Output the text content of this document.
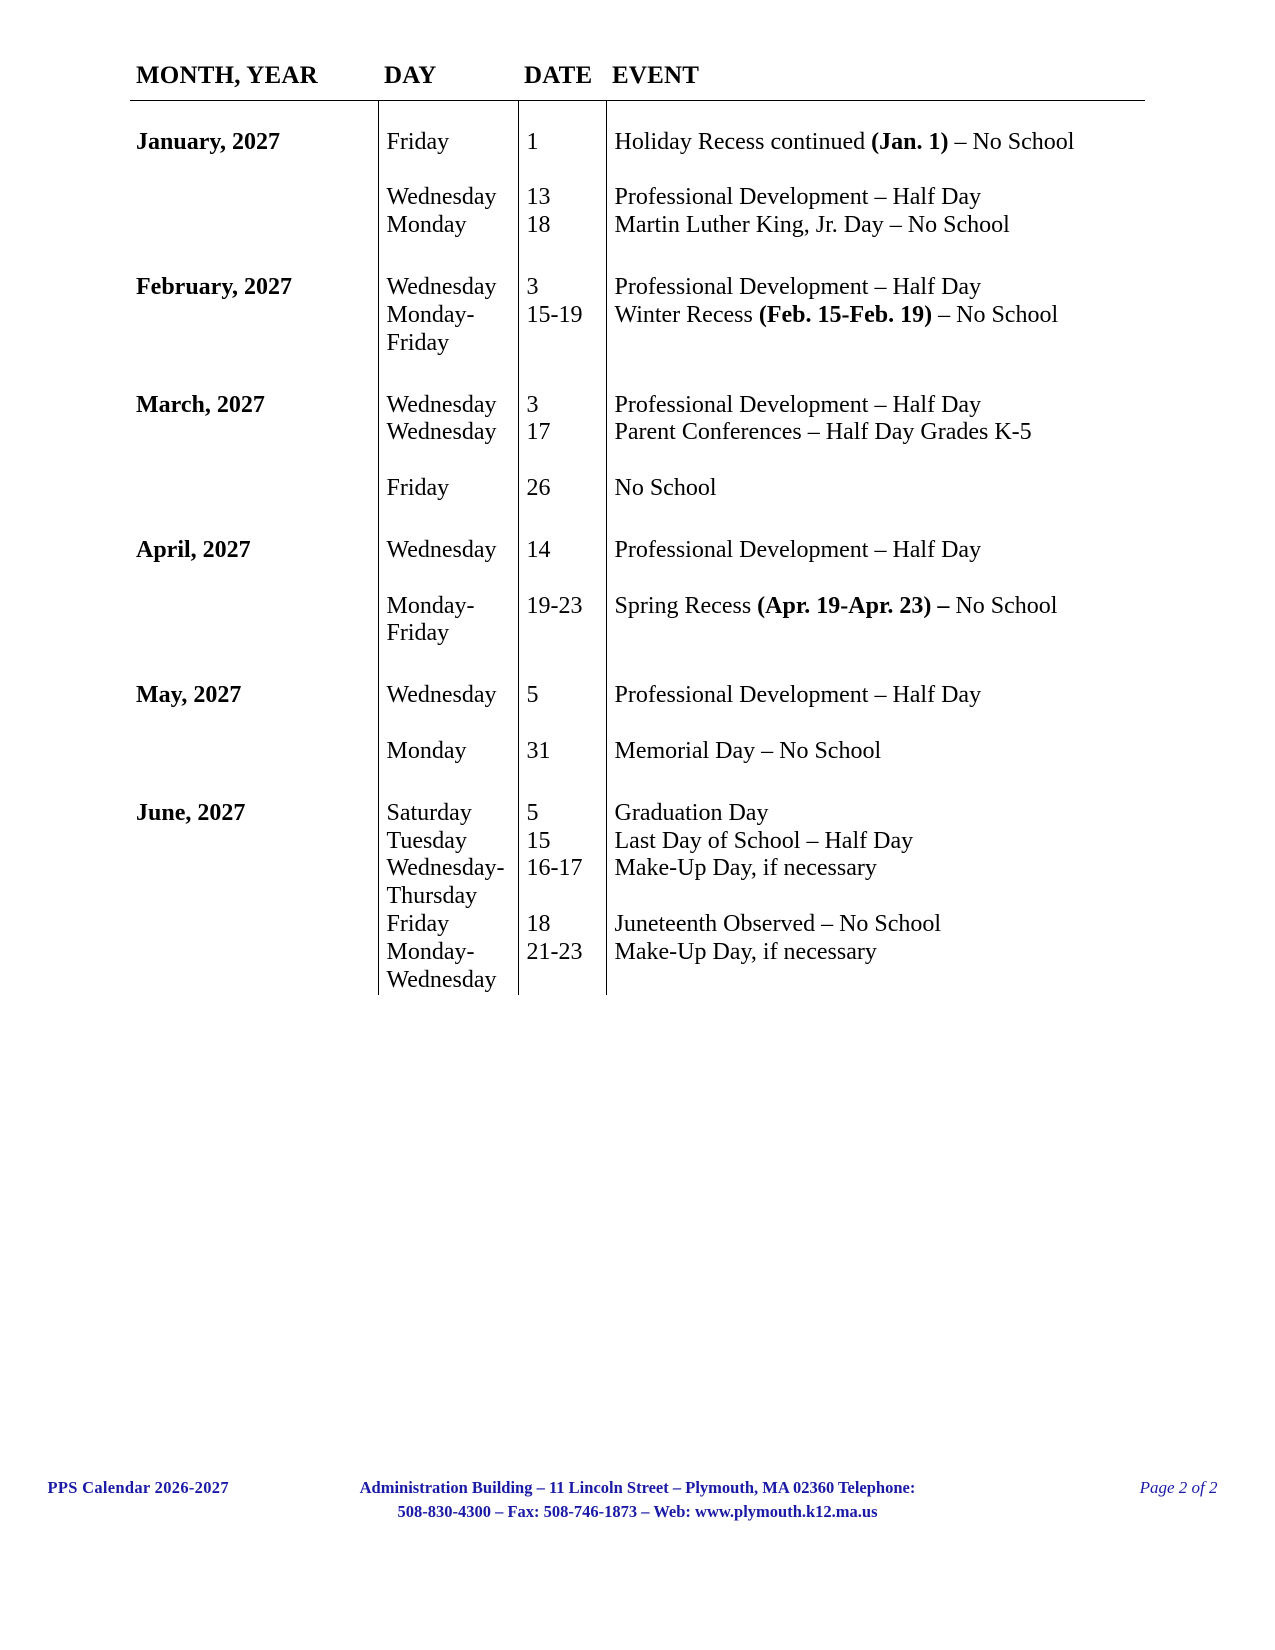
MONTH, YEAR	DAY	DATE	EVENT

January, 2027	Friday	1	Holiday Recess continued (Jan. 1) – No School

	Wednesday	13	Professional Development – Half Day
	Monday	18	Martin Luther King, Jr. Day – No School

February, 2027	Wednesday	3	Professional Development – Half Day
	Monday-Friday	15-19	Winter Recess (Feb. 15-Feb. 19) – No School

March, 2027	Wednesday	3	Professional Development – Half Day
	Wednesday	17	Parent Conferences – Half Day Grades K-5

	Friday	26	No School

April, 2027	Wednesday	14	Professional Development – Half Day

	Monday-Friday	19-23	Spring Recess (Apr. 19-Apr. 23) – No School

May, 2027	Wednesday	5	Professional Development – Half Day

	Monday	31	Memorial Day – No School

June, 2027	Saturday	5	Graduation Day
	Tuesday	15	Last Day of School – Half Day
	Wednesday-Thursday	16-17	Make-Up Day, if necessary
	Friday	18	Juneteenth Observed – No School
	Monday-Wednesday	21-23	Make-Up Day, if necessary
PPS Calendar 2026-2027	Administration Building – 11 Lincoln Street – Plymouth, MA 02360 Telephone:
508-830-4300 – Fax: 508-746-1873 – Web: www.plymouth.k12.ma.us
Page 2 of 2
